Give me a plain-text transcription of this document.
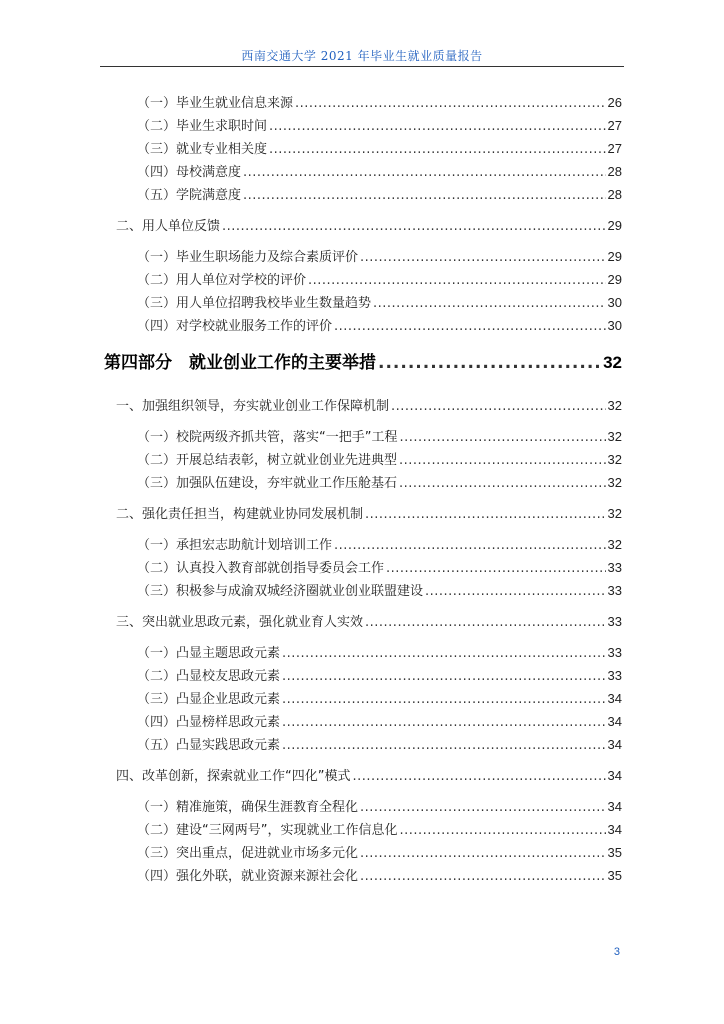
西南交通大学 2021 年毕业生就业质量报告
（一）毕业生就业信息来源 .....	26
（二）毕业生求职时间 .....	27
（三）就业专业相关度 .....	27
（四）母校满意度 .....	28
（五）学院满意度 .....	28
二、用人单位反馈 .....	29
（一）毕业生职场能力及综合素质评价 .....	29
（二）用人单位对学校的评价 .....	29
（三）用人单位招聘我校毕业生数量趋势 .....	30
（四）对学校就业服务工作的评价 .....	30
第四部分　就业创业工作的主要举措 .....	32
一、加强组织领导，夯实就业创业工作保障机制 .....	32
（一）校院两级齐抓共管，落实“一把手”工程 .....	32
（二）开展总结表彰，树立就业创业先进典型 .....	32
（三）加强队伍建设，夯牢就业工作压舱基石 .....	32
二、强化责任担当，构建就业协同发展机制 .....	32
（一）承担宏志助航计划培训工作 .....	32
（二）认真投入教育部就创指导委员会工作 .....	33
（三）积极参与成渝双城经济圈就业创业联盟建设 .....	33
三、突出就业思政元素，强化就业育人实效 .....	33
（一）凸显主题思政元素 .....	33
（二）凸显校友思政元素 .....	33
（三）凸显企业思政元素 .....	34
（四）凸显榜样思政元素 .....	34
（五）凸显实践思政元素 .....	34
四、改革创新，探索就业工作“四化”模式 .....	34
（一）精准施策，确保生涯教育全程化 .....	34
（二）建设“三网两号”，实现就业工作信息化 .....	34
（三）突出重点，促进就业市场多元化 .....	35
（四）强化外联，就业资源来源社会化 .....	35
3
